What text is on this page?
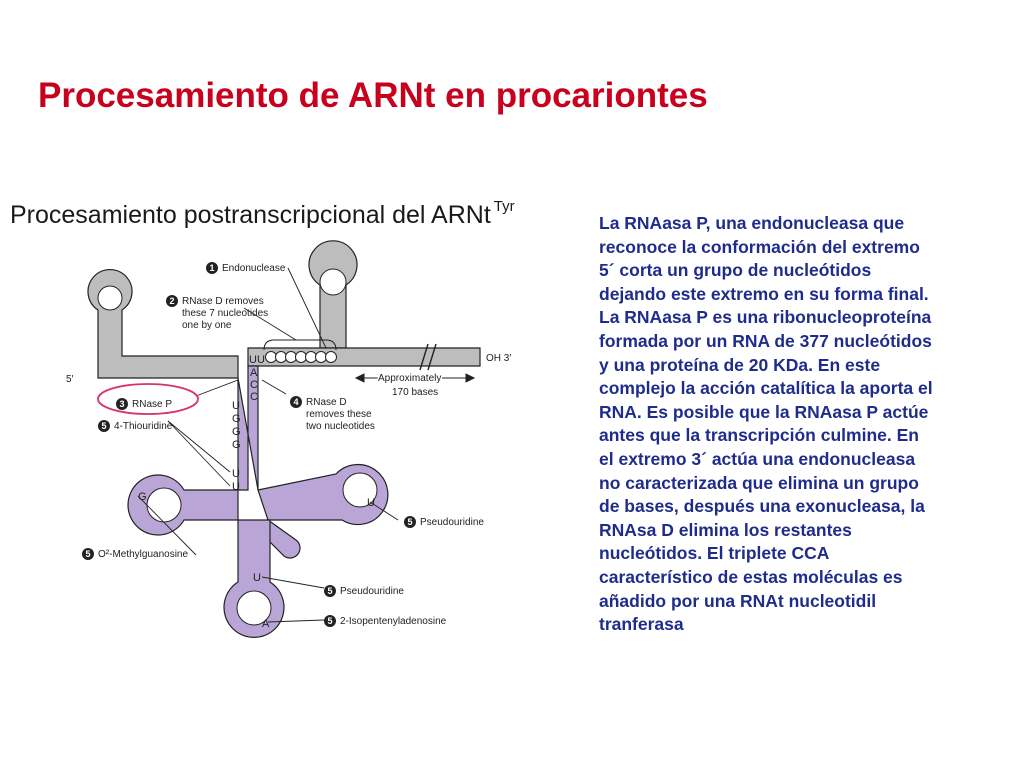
Procesamiento de ARNt en procariontes
Procesamiento postranscripcional del ARNt $^{Tyr}$
UU
A
C
C
U
G
G
G
U
U
G	U
U
A
5′
OH 3′
Approximately
170 bases
1
2
3	4
5
5
5
5
5
Endonuclease
RNase D removes
these 7 nucleotides
one by one
RNase P	RNase D
removes these
two nucleotides
4-Thiouridine
Pseudouridine
O²-Methylguanosine
Pseudouridine
2-Isopentenyladenosine

La RNAasa P, una endonucleasa que
reconoce la conformación del extremo
5´ corta un grupo de nucleótidos
dejando este extremo en su forma final.
La RNAasa P es una ribonucleoproteína
formada por un RNA de 377 nucleótidos
y una proteína de 20 KDa. En este
complejo la acción catalítica la aporta el
RNA. Es posible que la RNAasa P actúe
antes que la transcripción culmine. En
el extremo 3´ actúa una endonucleasa
no caracterizada que elimina un grupo
de bases, después una exonucleasa, la
RNAsa D elimina los restantes
nucleótidos. El triplete CCA
característico de estas moléculas es
añadido por una RNAt nucleotidil
tranferasa
